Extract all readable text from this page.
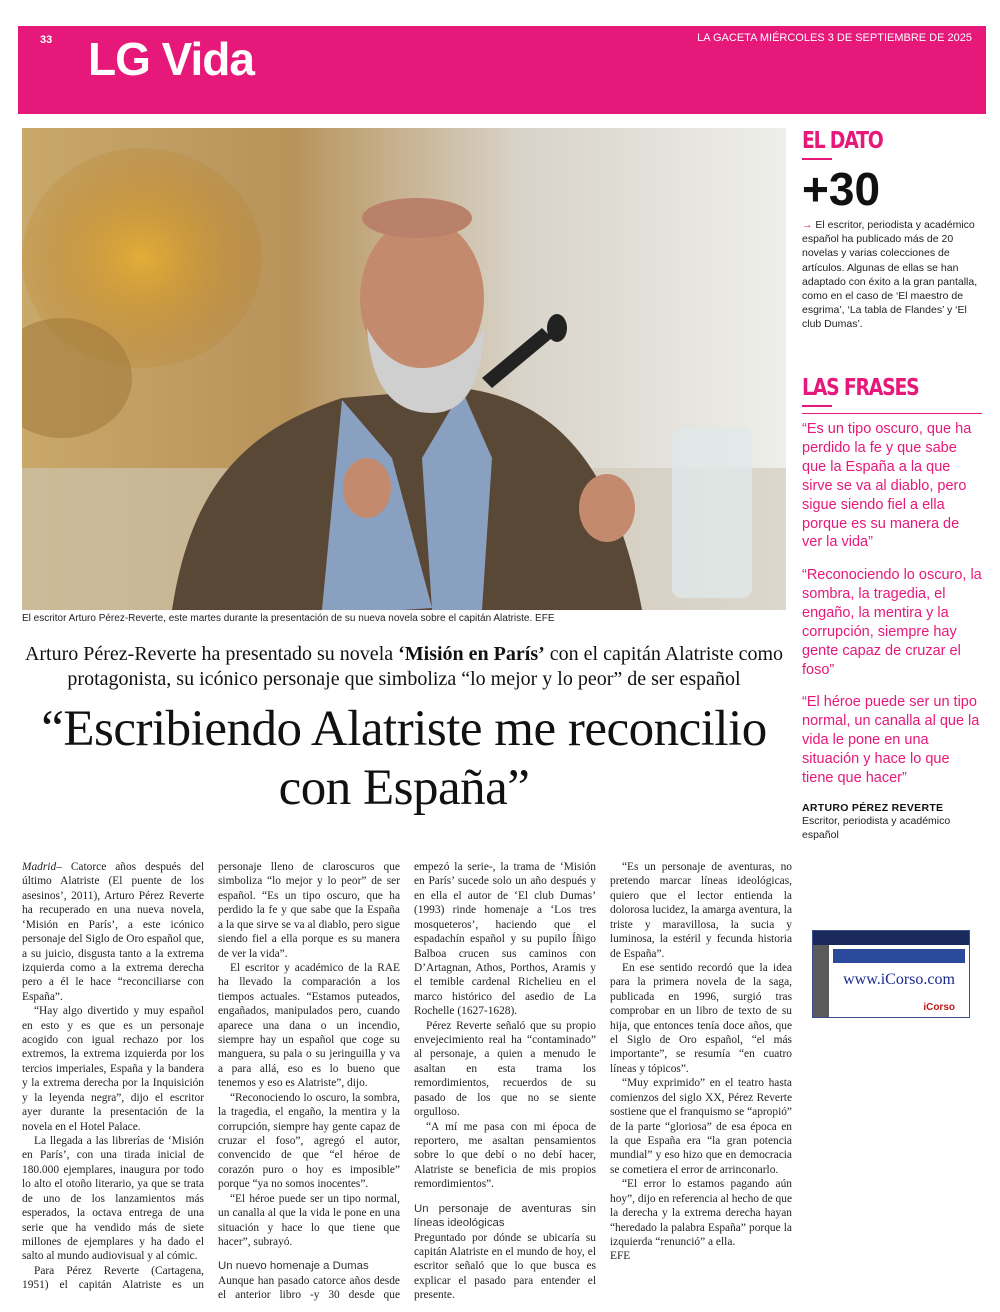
33 LG Vida	LA GACETA MIÉRCOLES 3 DE SEPTIEMBRE DE 2025
El escritor Arturo Pérez-Reverte, este martes durante la presentación de su nueva novela sobre el capitán Alatriste. EFE
Arturo Pérez-Reverte ha presentado su novela ‘Misión en París’ con el capitán Alatriste como protagonista, su icónico personaje que simboliza “lo mejor y lo peor” de ser español
“Escribiendo Alatriste me reconcilio con España”

Madrid– Catorce años después del último Alatriste (El puente de los asesinos’, 2011), Arturo Pérez Reverte ha recuperado en una nueva novela, ‘Misión en París’, a este icónico personaje del Siglo de Oro español que, a su juicio, disgusta tanto a la extrema izquierda como a la extrema derecha pero a él le hace “reconciliarse con España”.

“Hay algo divertido y muy español en esto y es que es un personaje acogido con igual rechazo por los extremos, la extrema izquierda por los tercios imperiales, España y la bandera y la extrema derecha por la Inquisición y la leyenda negra”, dijo el escritor ayer durante la presentación de la novela en el Hotel Palace.

La llegada a las librerías de ‘Misión en París’, con una tirada inicial de 180.000 ejemplares, inaugura por todo lo alto el otoño literario, ya que se trata de uno de los lanzamientos más esperados, la octava entrega de una serie que ha vendido más de siete millones de ejemplares y ha dado el salto al mundo audiovisual y al cómic.

Para Pérez Reverte (Cartagena, 1951) el capitán Alatriste es un personaje lleno de claroscuros que simboliza “lo mejor y lo peor” de ser español. “Es un tipo oscuro, que ha perdido la fe y que sabe que la España a la que sirve se va al diablo, pero sigue siendo fiel a ella porque es su manera de ver la vida”.

El escritor y académico de la RAE ha llevado la comparación a los tiempos actuales. “Estamos puteados, engañados, manipulados pero, cuando aparece una dana o un incendio, siempre hay un español que coge su manguera, su pala o su jeringuilla y va a para allá, eso es lo bueno que tenemos y eso es Alatriste”, dijo.

“Reconociendo lo oscuro, la sombra, la tragedia, el engaño, la mentira y la corrupción, siempre hay gente capaz de cruzar el foso”, agregó el autor, convencido de que “el héroe de corazón puro o hoy es imposible” porque “ya no somos inocentes”.

“El héroe puede ser un tipo normal, un canalla al que la vida le pone en una situación y hace lo que tiene que hacer”, subrayó.

Un nuevo homenaje a Dumas

Aunque han pasado catorce años desde el anterior libro -y 30 desde que empezó la serie-, la trama de ‘Misión en París’ sucede solo un año después y en ella el autor de ‘El club Dumas’ (1993) rinde homenaje a ‘Los tres mosqueteros’, haciendo que el espadachín español y su pupilo Íñigo Balboa crucen sus caminos con D’Artagnan, Athos, Porthos, Aramis y el temible cardenal Richelieu en el marco histórico del asedio de La Rochelle (1627-1628).

Pérez Reverte señaló que su propio envejecimiento real ha “contaminado” al personaje, a quien a menudo le asaltan en esta trama los remordimientos, recuerdos de su pasado de los que no se siente orgulloso.

“A mí me pasa con mi época de reportero, me asaltan pensamientos sobre lo que debí o no debí hacer, Alatriste se beneficia de mis propios remordimientos”.

Un personaje de aventuras sin líneas ideológicas

Preguntado por dónde se ubicaría su capitán Alatriste en el mundo de hoy, el escritor señaló que lo que busca es explicar el pasado para entender el presente.

“Es un personaje de aventuras, no pretendo marcar líneas ideológicas, quiero que el lector entienda la dolorosa lucidez, la amarga aventura, la triste y maravillosa, la sucia y luminosa, la estéril y fecunda historia de España”.

En ese sentido recordó que la idea para la primera novela de la saga, publicada en 1996, surgió tras comprobar en un libro de texto de su hija, que entonces tenía doce años, que el Siglo de Oro español, “el más importante”, se resumía “en cuatro líneas y tópicos”.

“Muy exprimido” en el teatro hasta comienzos del siglo XX, Pérez Reverte sostiene que el franquismo se “apropió” de la parte “gloriosa” de esa época en la que España era “la gran potencia mundial” y eso hizo que en democracia se cometiera el error de arrinconarlo.

“El error lo estamos pagando aún hoy”, dijo en referencia al hecho de que la derecha y la extrema derecha hayan “heredado la palabra España” porque la izquierda “renunció” a ella.

EFE

EL DATO
+30
→ El escritor, periodista y académico español ha publicado más de 20 novelas y varias colecciones de artículos. Algunas de ellas se han adaptado con éxito a la gran pantalla, como en el caso de ‘El maestro de esgrima’, ‘La tabla de Flandes’ y ‘El club Dumas’.
LAS FRASES
“Es un tipo oscuro, que ha perdido la fe y que sabe que la España a la que sirve se va al diablo, pero sigue siendo fiel a ella porque es su manera de ver la vida”
“Reconociendo lo oscuro, la sombra, la tragedia, el engaño, la mentira y la corrupción, siempre hay gente capaz de cruzar el foso”
“El héroe puede ser un tipo normal, un canalla al que la vida le pone en una situación y hace lo que tiene que hacer”
ARTURO PÉREZ REVERTE
Escritor, periodista y académico español
www.iCorso.com
iCorso
